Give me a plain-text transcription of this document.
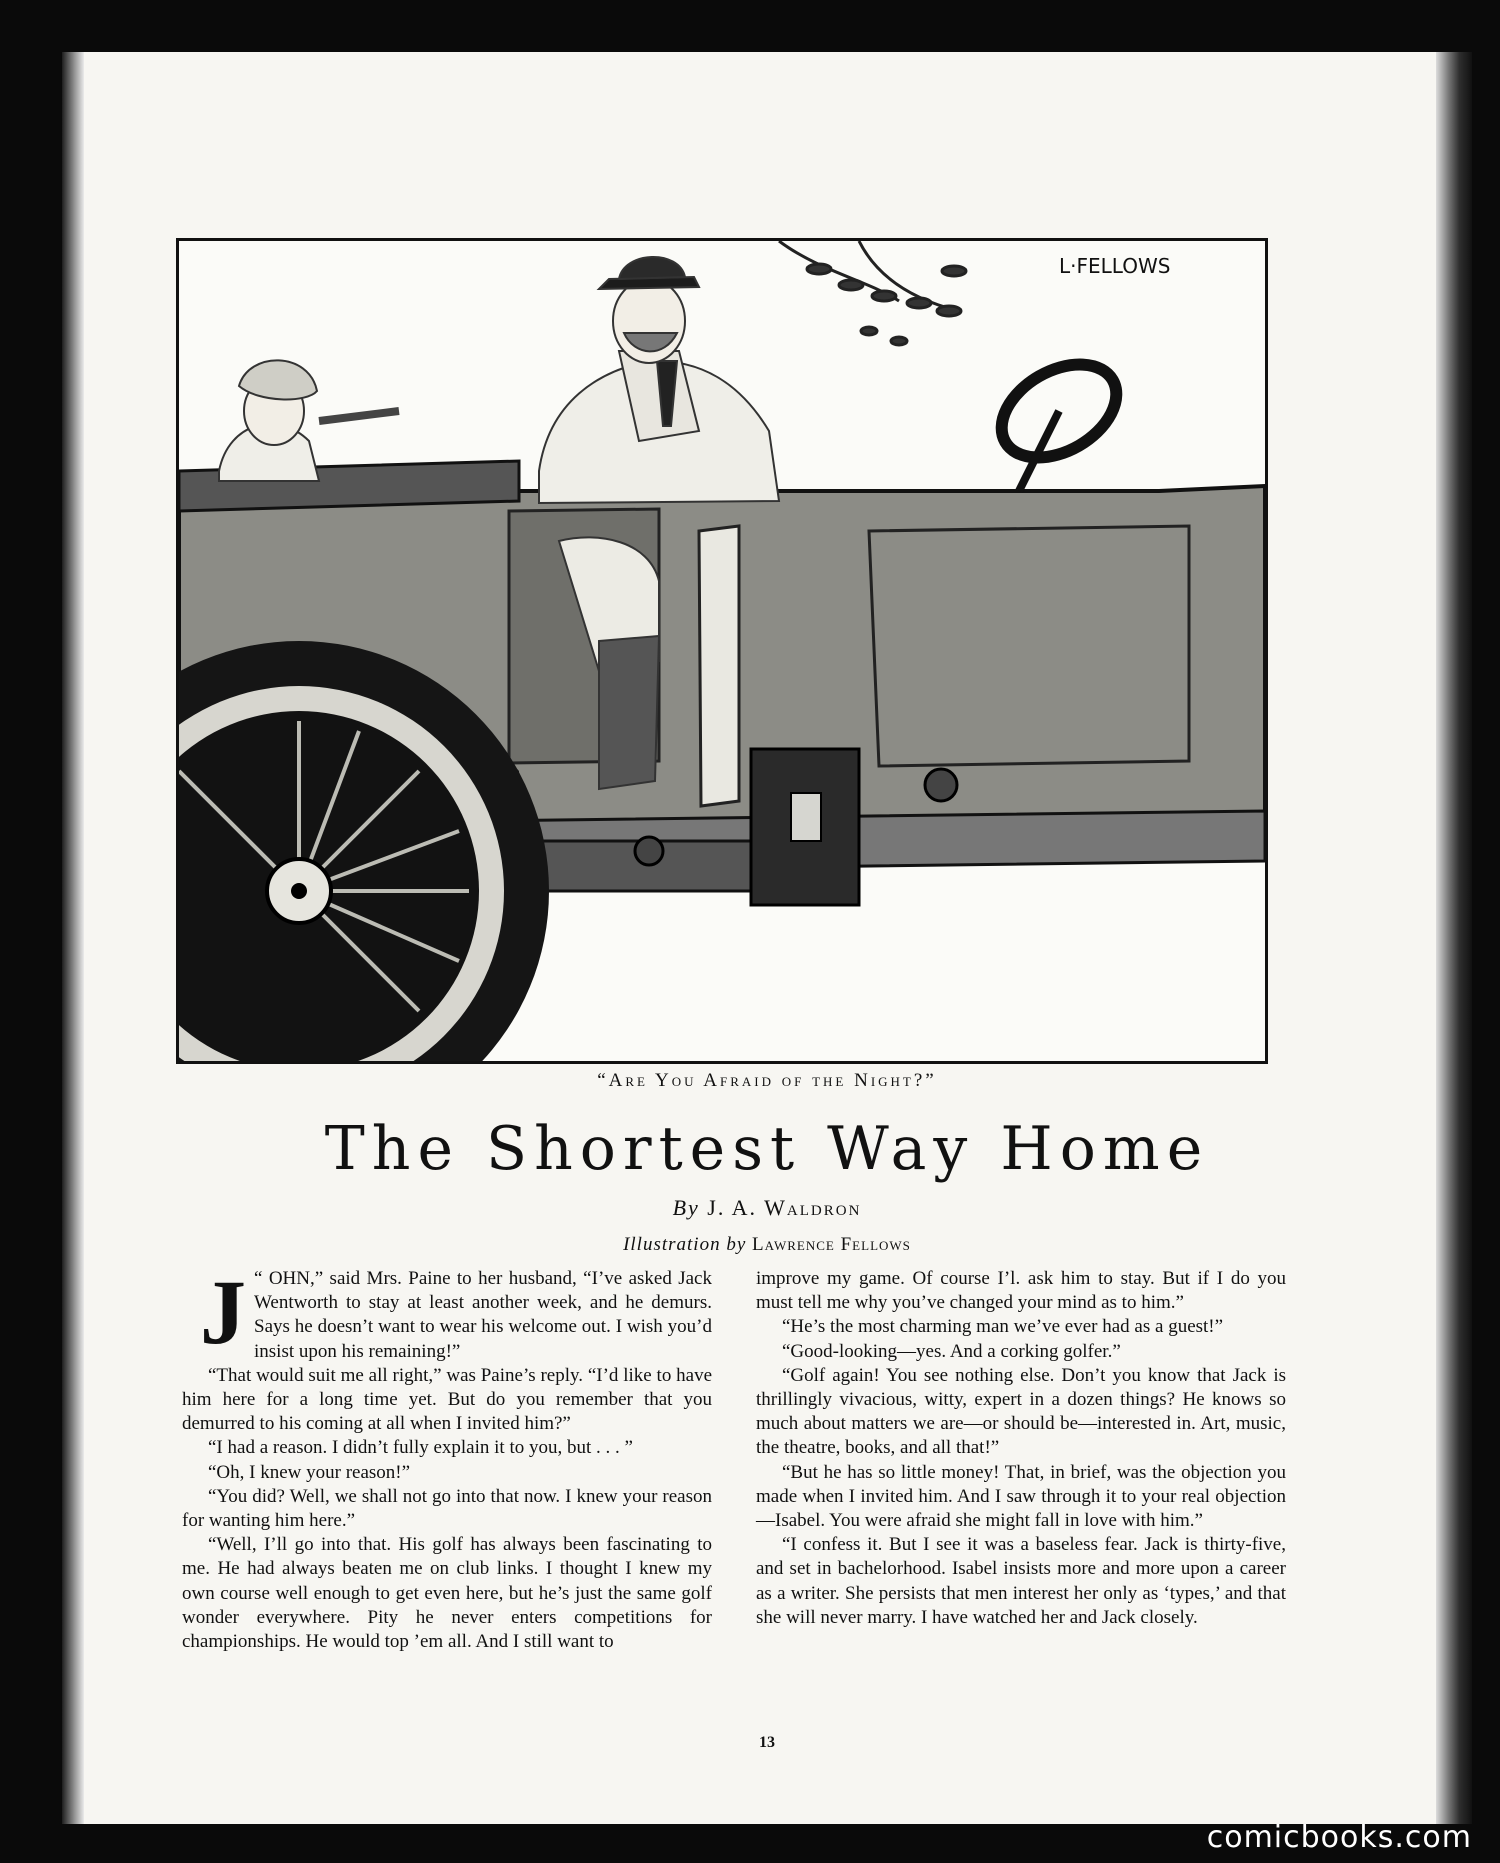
L·FELLOWS
“Are You Afraid of the Night?”
The Shortest Way Home
By J. A. Waldron
Illustration by Lawrence Fellows
J “ OHN,” said Mrs. Paine to her husband, “I’ve asked Jack Wentworth to stay at least another week, and he demurs. Says he doesn’t want to wear his welcome out. I wish you’d insist upon his remaining!”

“That would suit me all right,” was Paine’s reply. “I’d like to have him here for a long time yet. But do you remember that you demurred to his coming at all when I invited him?”

“I had a reason. I didn’t fully explain it to you, but . . . ”

“Oh, I knew your reason!”

“You did? Well, we shall not go into that now. I knew your reason for wanting him here.”

“Well, I’ll go into that. His golf has always been fascinating to me. He had always beaten me on club links. I thought I knew my own course well enough to get even here, but he’s just the same golf wonder everywhere. Pity he never enters competitions for championships. He would top ’em all. And I still want to

improve my game. Of course I’l. ask him to stay. But if I do you must tell me why you’ve changed your mind as to him.”

“He’s the most charming man we’ve ever had as a guest!”

“Good-looking—yes. And a corking golfer.”

“Golf again! You see nothing else. Don’t you know that Jack is thrillingly vivacious, witty, expert in a dozen things? He knows so much about matters we are—or should be—interested in. Art, music, the theatre, books, and all that!”

“But he has so little money! That, in brief, was the objection you made when I invited him. And I saw through it to your real objection—Isabel. You were afraid she might fall in love with him.”

“I confess it. But I see it was a baseless fear. Jack is thirty-five, and set in bachelorhood. Isabel insists more and more upon a career as a writer. She persists that men interest her only as ‘types,’ and that she will never marry. I have watched her and Jack closely.

13
comicbooks.com
